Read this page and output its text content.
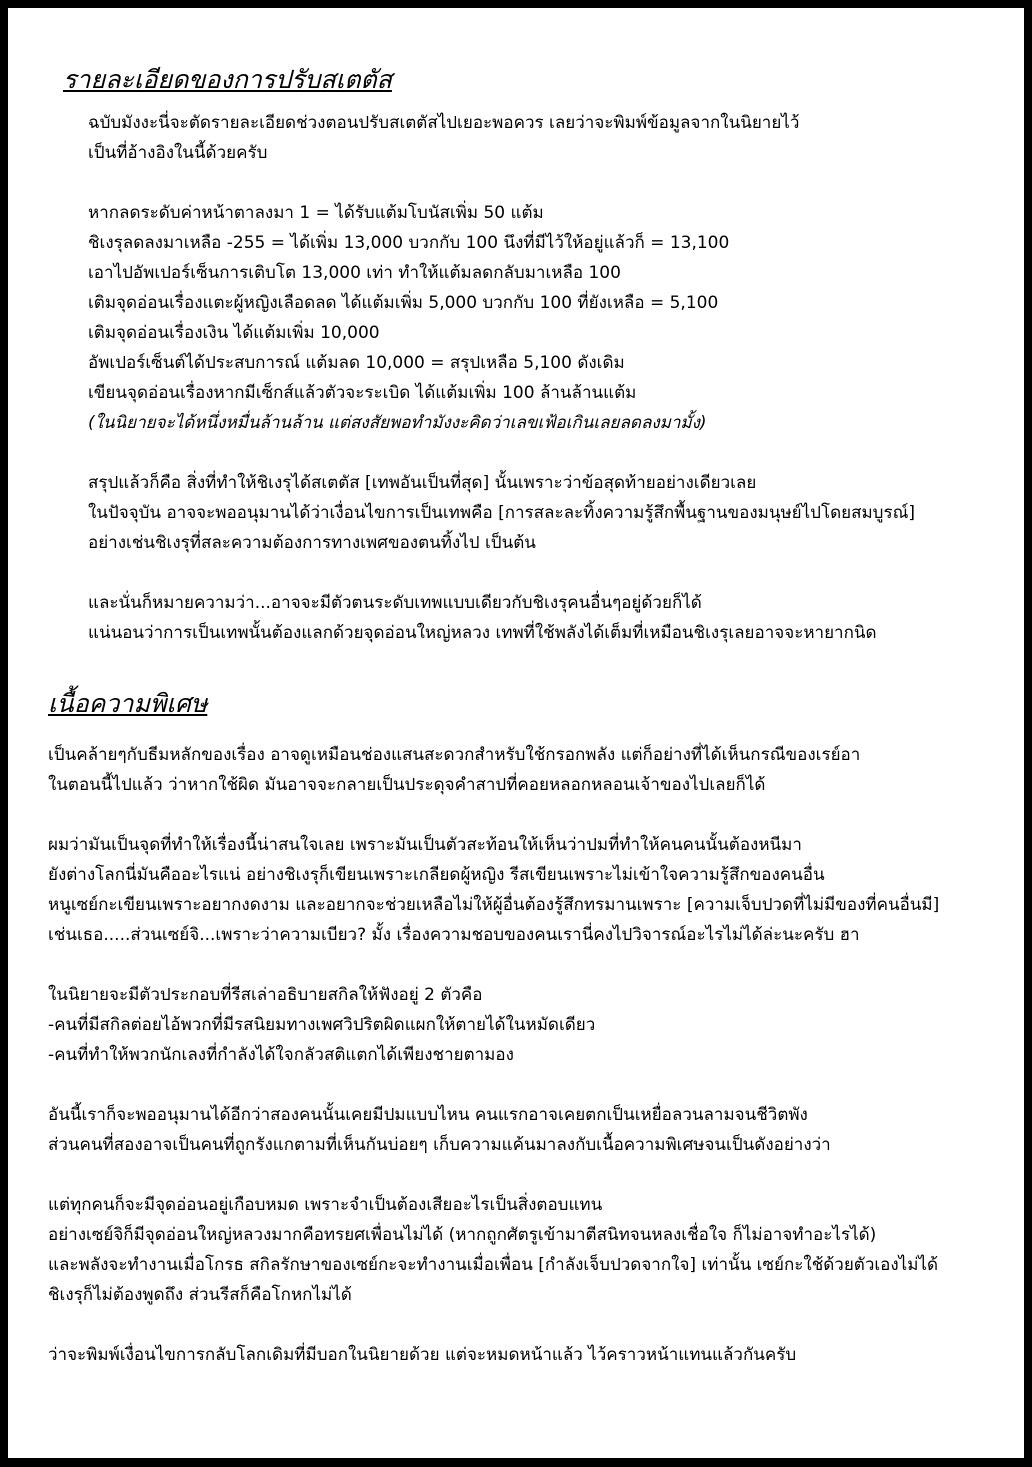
รายละเอียดของการปรับสเตตัส
ฉบับมังงะนี่จะตัดรายละเอียดช่วงตอนปรับสเตตัสไปเยอะพอควร เลยว่าจะพิมพ์ข้อมูลจากในนิยายไว้
เป็นที่อ้างอิงในนี้ด้วยครับ
หากลดระดับค่าหน้าตาลงมา 1 = ได้รับแต้มโบนัสเพิ่ม 50 แต้ม
ชิเงรุลดลงมาเหลือ -255 = ได้เพิ่ม 13,000 บวกกับ 100 นึงที่มีไว้ให้อยู่แล้วก็ = 13,100
เอาไปอัพเปอร์เซ็นการเติบโต 13,000 เท่า ทำให้แต้มลดกลับมาเหลือ 100
เติมจุดอ่อนเรื่องแตะผู้หญิงเลือดลด ได้แต้มเพิ่ม 5,000 บวกกับ 100 ที่ยังเหลือ = 5,100
เติมจุดอ่อนเรื่องเงิน ได้แต้มเพิ่ม 10,000
อัพเปอร์เซ็นต์ได้ประสบการณ์ แต้มลด 10,000 = สรุปเหลือ 5,100 ดังเดิม
เขียนจุดอ่อนเรื่องหากมีเซ็กส์แล้วตัวจะระเบิด ได้แต้มเพิ่ม 100 ล้านล้านแต้ม
(ในนิยายจะได้หนึ่งหมื่นล้านล้าน แต่สงสัยพอทำมังงะคิดว่าเลขเฟ้อเกินเลยลดลงมามั้ง)
สรุปแล้วก็คือ สิ่งที่ทำให้ชิเงรุได้สเตตัส [เทพอันเป็นที่สุด] นั้นเพราะว่าข้อสุดท้ายอย่างเดียวเลย
ในปัจจุบัน อาจจะพออนุมานได้ว่าเงื่อนไขการเป็นเทพคือ [การสละละทิ้งความรู้สึกพื้นฐานของมนุษย์ไปโดยสมบูรณ์]
อย่างเช่นชิเงรุที่สละความต้องการทางเพศของตนทิ้งไป เป็นต้น
และนั่นก็หมายความว่า...อาจจะมีตัวตนระดับเทพแบบเดียวกับชิเงรุคนอื่นๆอยู่ด้วยก็ได้
แน่นอนว่าการเป็นเทพนั้นต้องแลกด้วยจุดอ่อนใหญ่หลวง เทพที่ใช้พลังได้เต็มที่เหมือนชิเงรุเลยอาจจะหายากนิด
เนื้อความพิเศษ
เป็นคล้ายๆกับธีมหลักของเรื่อง อาจดูเหมือนช่องแสนสะดวกสำหรับใช้กรอกพลัง แต่ก็อย่างที่ได้เห็นกรณีของเรย์อา
ในตอนนี้ไปแล้ว ว่าหากใช้ผิด มันอาจจะกลายเป็นประดุจคำสาปที่คอยหลอกหลอนเจ้าของไปเลยก็ได้
ผมว่ามันเป็นจุดที่ทำให้เรื่องนี้น่าสนใจเลย เพราะมันเป็นตัวสะท้อนให้เห็นว่าปมที่ทำให้คนคนนั้นต้องหนีมา
ยังต่างโลกนี่มันคืออะไรแน่ อย่างชิเงรุก็เขียนเพราะเกลียดผู้หญิง รีสเขียนเพราะไม่เข้าใจความรู้สึกของคนอื่น
หนูเซย์กะเขียนเพราะอยากงดงาม และอยากจะช่วยเหลือไม่ให้ผู้อื่นต้องรู้สึกทรมานเพราะ [ความเจ็บปวดที่ไม่มีของที่คนอื่นมี]
เช่นเธอ.....ส่วนเซย์จิ...เพราะว่าความเบียว? มั้ง เรื่องความชอบของคนเรานี่คงไปวิจารณ์อะไรไม่ได้ล่ะนะครับ ฮา
ในนิยายจะมีตัวประกอบที่รีสเล่าอธิบายสกิลให้ฟังอยู่ 2 ตัวคือ
-คนที่มีสกิลต่อยไอ้พวกที่มีรสนิยมทางเพศวิปริตผิดแผกให้ตายได้ในหมัดเดียว
-คนที่ทำให้พวกนักเลงที่กำลังได้ใจกลัวสติแตกได้เพียงชายตามอง
อันนี้เราก็จะพออนุมานได้อีกว่าสองคนนั้นเคยมีปมแบบไหน คนแรกอาจเคยตกเป็นเหยื่อลวนลามจนชีวิตพัง
ส่วนคนที่สองอาจเป็นคนที่ถูกรังแกตามที่เห็นกันบ่อยๆ เก็บความแค้นมาลงกับเนื้อความพิเศษจนเป็นดังอย่างว่า
แต่ทุกคนก็จะมีจุดอ่อนอยู่เกือบหมด เพราะจำเป็นต้องเสียอะไรเป็นสิ่งตอบแทน
อย่างเซย์จิก็มีจุดอ่อนใหญ่หลวงมากคือทรยศเพื่อนไม่ได้ (หากถูกศัตรูเข้ามาตีสนิทจนหลงเชื่อใจ ก็ไม่อาจทำอะไรได้)
และพลังจะทำงานเมื่อโกรธ สกิลรักษาของเซย์กะจะทำงานเมื่อเพื่อน [กำลังเจ็บปวดจากใจ] เท่านั้น เซย์กะใช้ด้วยตัวเองไม่ได้
ชิเงรุก็ไม่ต้องพูดถึง ส่วนรีสก็คือโกหกไม่ได้
ว่าจะพิมพ์เงื่อนไขการกลับโลกเดิมที่มีบอกในนิยายด้วย แต่จะหมดหน้าแล้ว ไว้คราวหน้าแทนแล้วกันครับ
